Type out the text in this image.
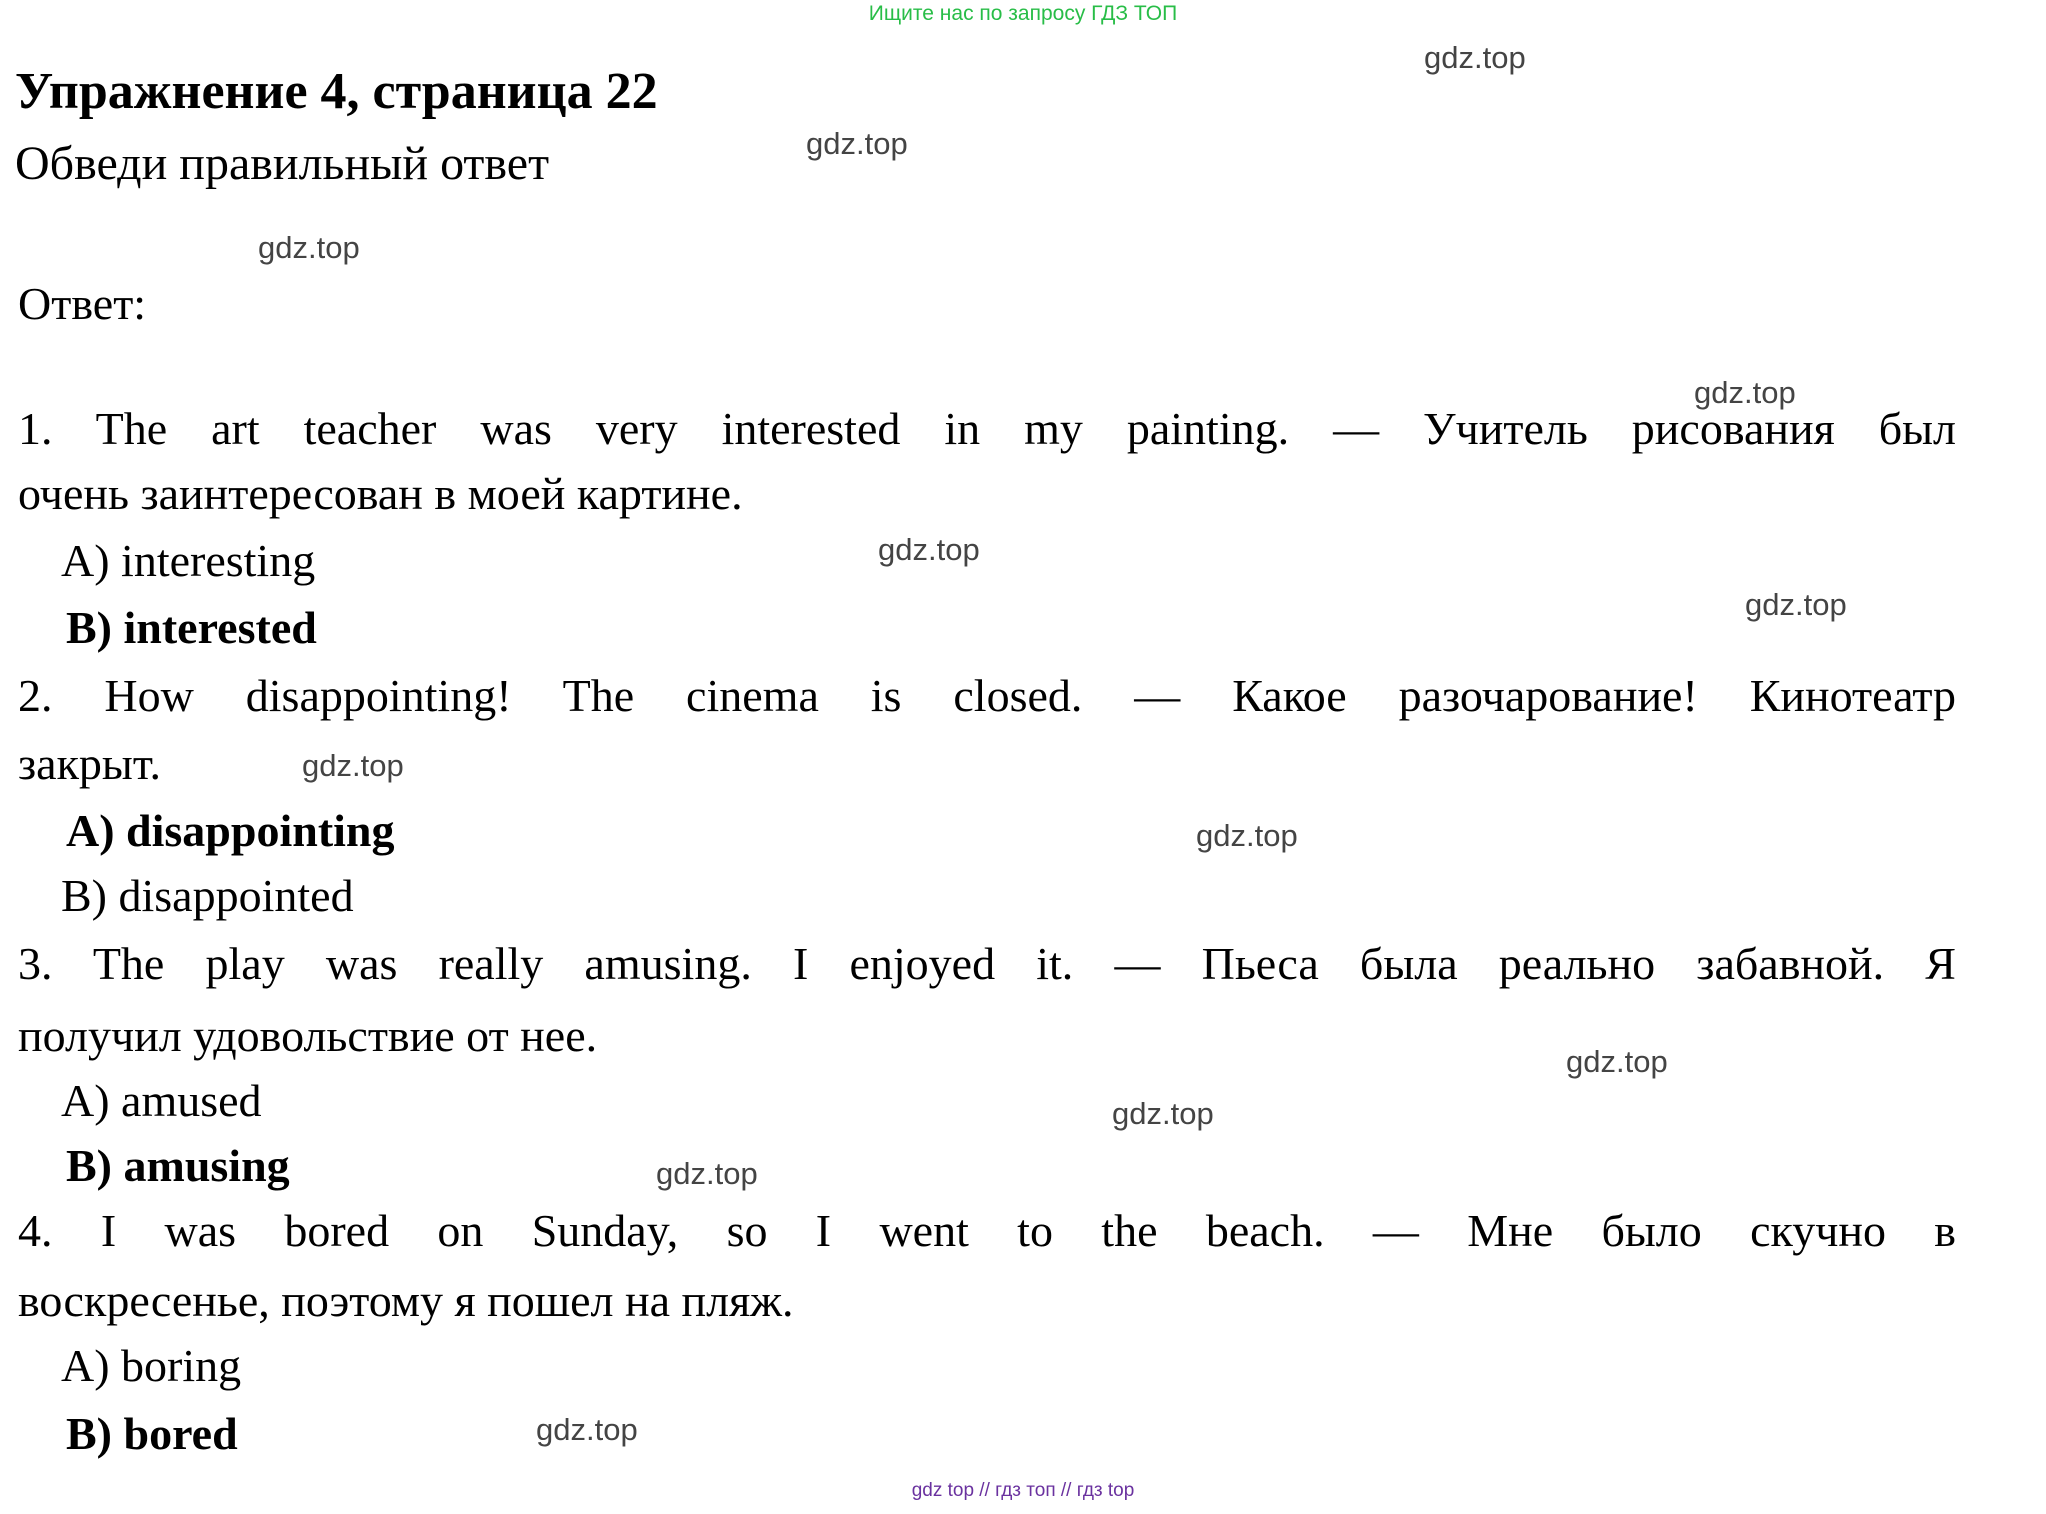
Ищите нас по запросу ГДЗ ТОП
Упражнение 4, страница 22
Обведи правильный ответ
Ответ:
1. The art teacher was very interested in my painting. — Учитель рисования был
очень заинтересован в моей картине.
A) interesting
B) interested
2. How disappointing! The cinema is closed. — Какое разочарование! Кинотеатр
закрыт.
A) disappointing
B) disappointed
3. The play was really amusing. I enjoyed it. — Пьеса была реально забавной. Я
получил удовольствие от нее.
A) amused
B) amusing
4. I was bored on Sunday, so I went to the beach. — Мне было скучно в
воскресенье, поэтому я пошел на пляж.
A) boring
B) bored
gdz top // гдз топ // гдз top
gdz.top
gdz.top
gdz.top
gdz.top
gdz.top
gdz.top
gdz.top
gdz.top
gdz.top
gdz.top
gdz.top
gdz.top
